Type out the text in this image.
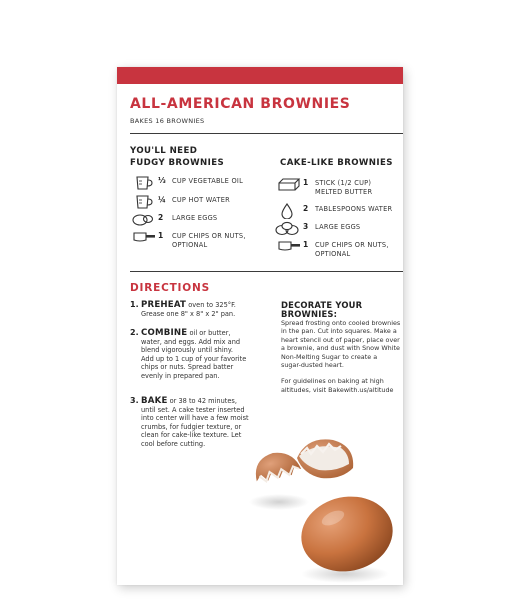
ALL-AMERICAN BROWNIES
BAKES 16 BROWNIES
YOU'LL NEED
FUDGY BROWNIES	CAKE-LIKE BROWNIES
⅓ CUP VEGETABLE OIL
¼ CUP HOT WATER
2 LARGE EGGS
1 CUP CHIPS OR NUTS,
OPTIONAL
1 STICK (1/2 CUP)
MELTED BUTTER
2 TABLESPOONS WATER
3 LARGE EGGS
1 CUP CHIPS OR NUTS,
OPTIONAL
DIRECTIONS
1. PREHEAT oven to 325°F.
Grease one 8" x 8" x 2" pan.
2. COMBINE oil or butter,
water, and eggs. Add mix and
blend vigorously until shiny.
Add up to 1 cup of your favorite
chips or nuts. Spread batter
evenly in prepared pan.
3. BAKE or 38 to 42 minutes,
until set. A cake tester inserted
into center will have a few moist
crumbs, for fudgier texture, or
clean for cake-like texture. Let
cool before cutting.
DECORATE YOUR
BROWNIES:
Spread frosting onto cooled brownies
in the pan. Cut into squares. Make a
heart stencil out of paper, place over
a brownie, and dust with Snow White
Non-Melting Sugar to create a
sugar-dusted heart.
For guidelines on baking at high
altitudes, visit Bakewith.us/altitude
